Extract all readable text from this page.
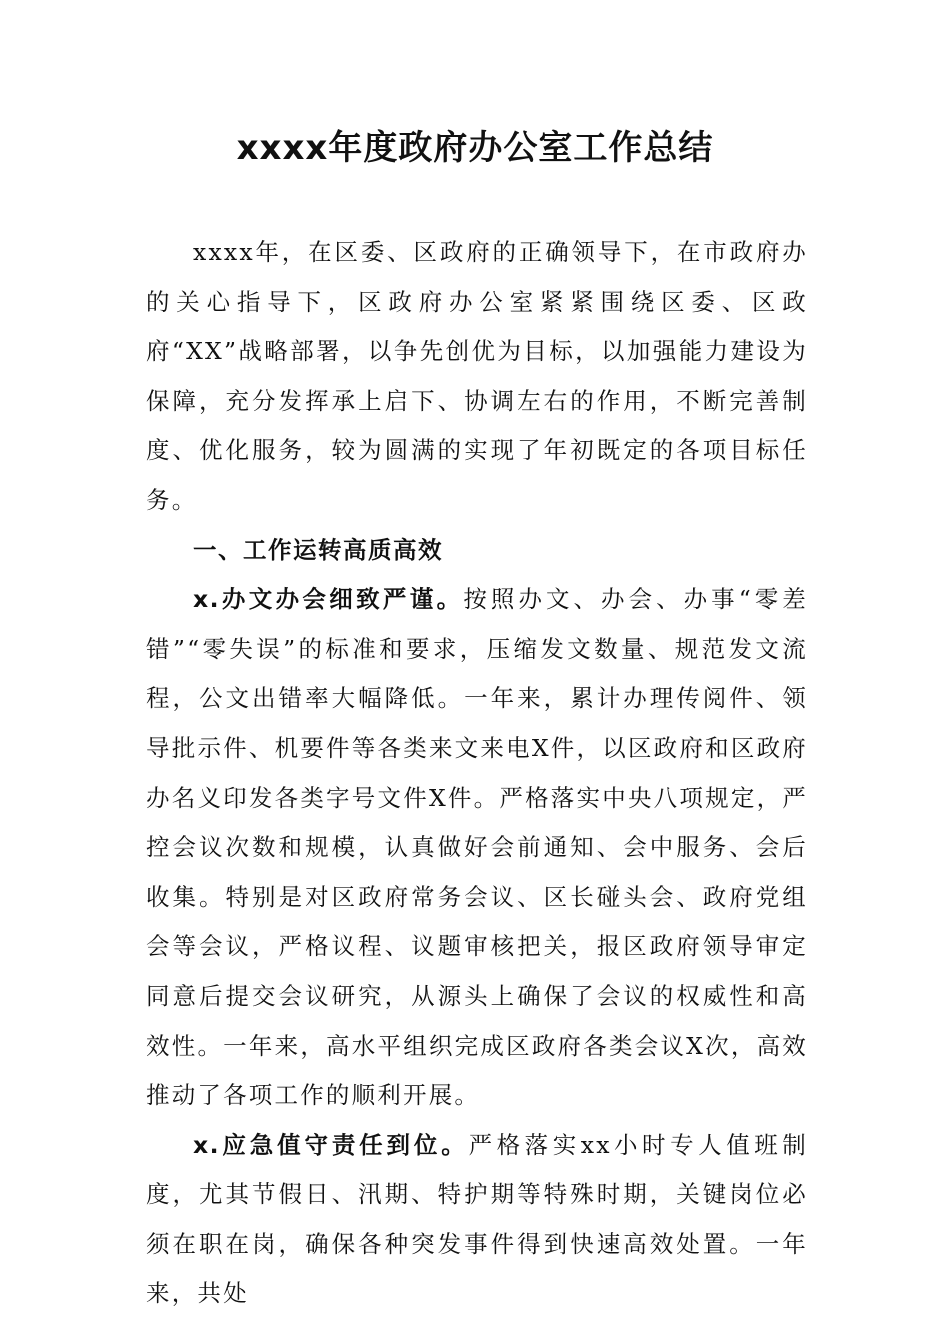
xxxx年度政府办公室工作总结

xxxx年，在区委、区政府的正确领导下，在市政府办的关心指导下，区政府办公室紧紧围绕区委、区政府“XX”战略部署，以争先创优为目标，以加强能力建设为保障，充分发挥承上启下、协调左右的作用，不断完善制度、优化服务，较为圆满的实现了年初既定的各项目标任务。

一、工作运转高质高效

x.办文办会细致严谨。按照办文、办会、办事“零差错”“零失误”的标准和要求，压缩发文数量、规范发文流程，公文出错率大幅降低。一年来，累计办理传阅件、领导批示件、机要件等各类来文来电X件，以区政府和区政府办名义印发各类字号文件X件。严格落实中央八项规定，严控会议次数和规模，认真做好会前通知、会中服务、会后收集。特别是对区政府常务会议、区长碰头会、政府党组会等会议，严格议程、议题审核把关，报区政府领导审定同意后提交会议研究，从源头上确保了会议的权威性和高效性。一年来，高水平组织完成区政府各类会议X次，高效推动了各项工作的顺利开展。

x.应急值守责任到位。严格落实xx小时专人值班制度，尤其节假日、汛期、特护期等特殊时期，关键岗位必须在职在岗，确保各种突发事件得到快速高效处置。一年来，共处
